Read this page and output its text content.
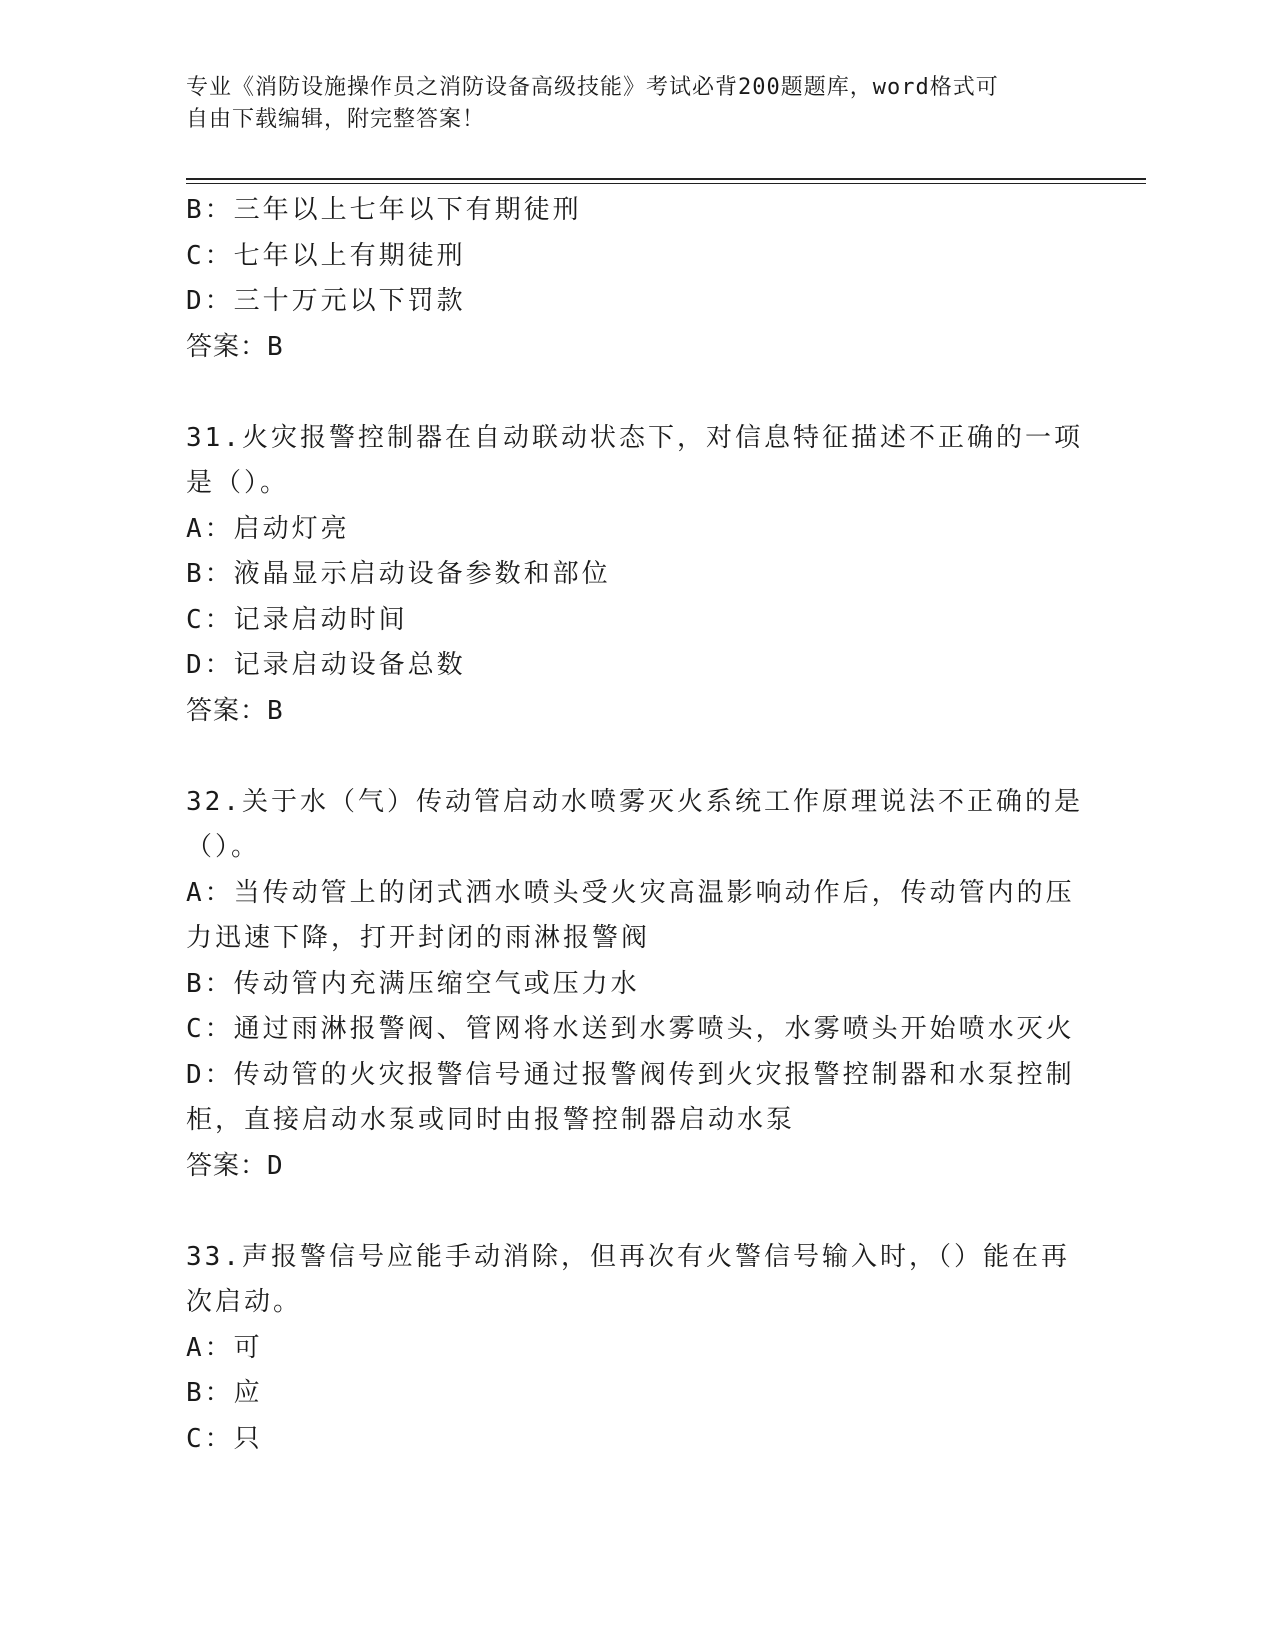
专业《消防设施操作员之消防设备高级技能》考试必背200题题库，word格式可
自由下载编辑，附完整答案！
B：三年以上七年以下有期徒刑
C：七年以上有期徒刑
D：三十万元以下罚款
答案：B
31.火灾报警控制器在自动联动状态下，对信息特征描述不正确的一项
是（）。
A：启动灯亮
B：液晶显示启动设备参数和部位
C：记录启动时间
D：记录启动设备总数
答案：B
32.关于水（气）传动管启动水喷雾灭火系统工作原理说法不正确的是
（）。
A：当传动管上的闭式洒水喷头受火灾高温影响动作后，传动管内的压
力迅速下降，打开封闭的雨淋报警阀
B：传动管内充满压缩空气或压力水
C：通过雨淋报警阀、管网将水送到水雾喷头，水雾喷头开始喷水灭火
D：传动管的火灾报警信号通过报警阀传到火灾报警控制器和水泵控制
柜，直接启动水泵或同时由报警控制器启动水泵
答案：D
33.声报警信号应能手动消除，但再次有火警信号输入时，（）能在再
次启动。
A：可
B：应
C：只
